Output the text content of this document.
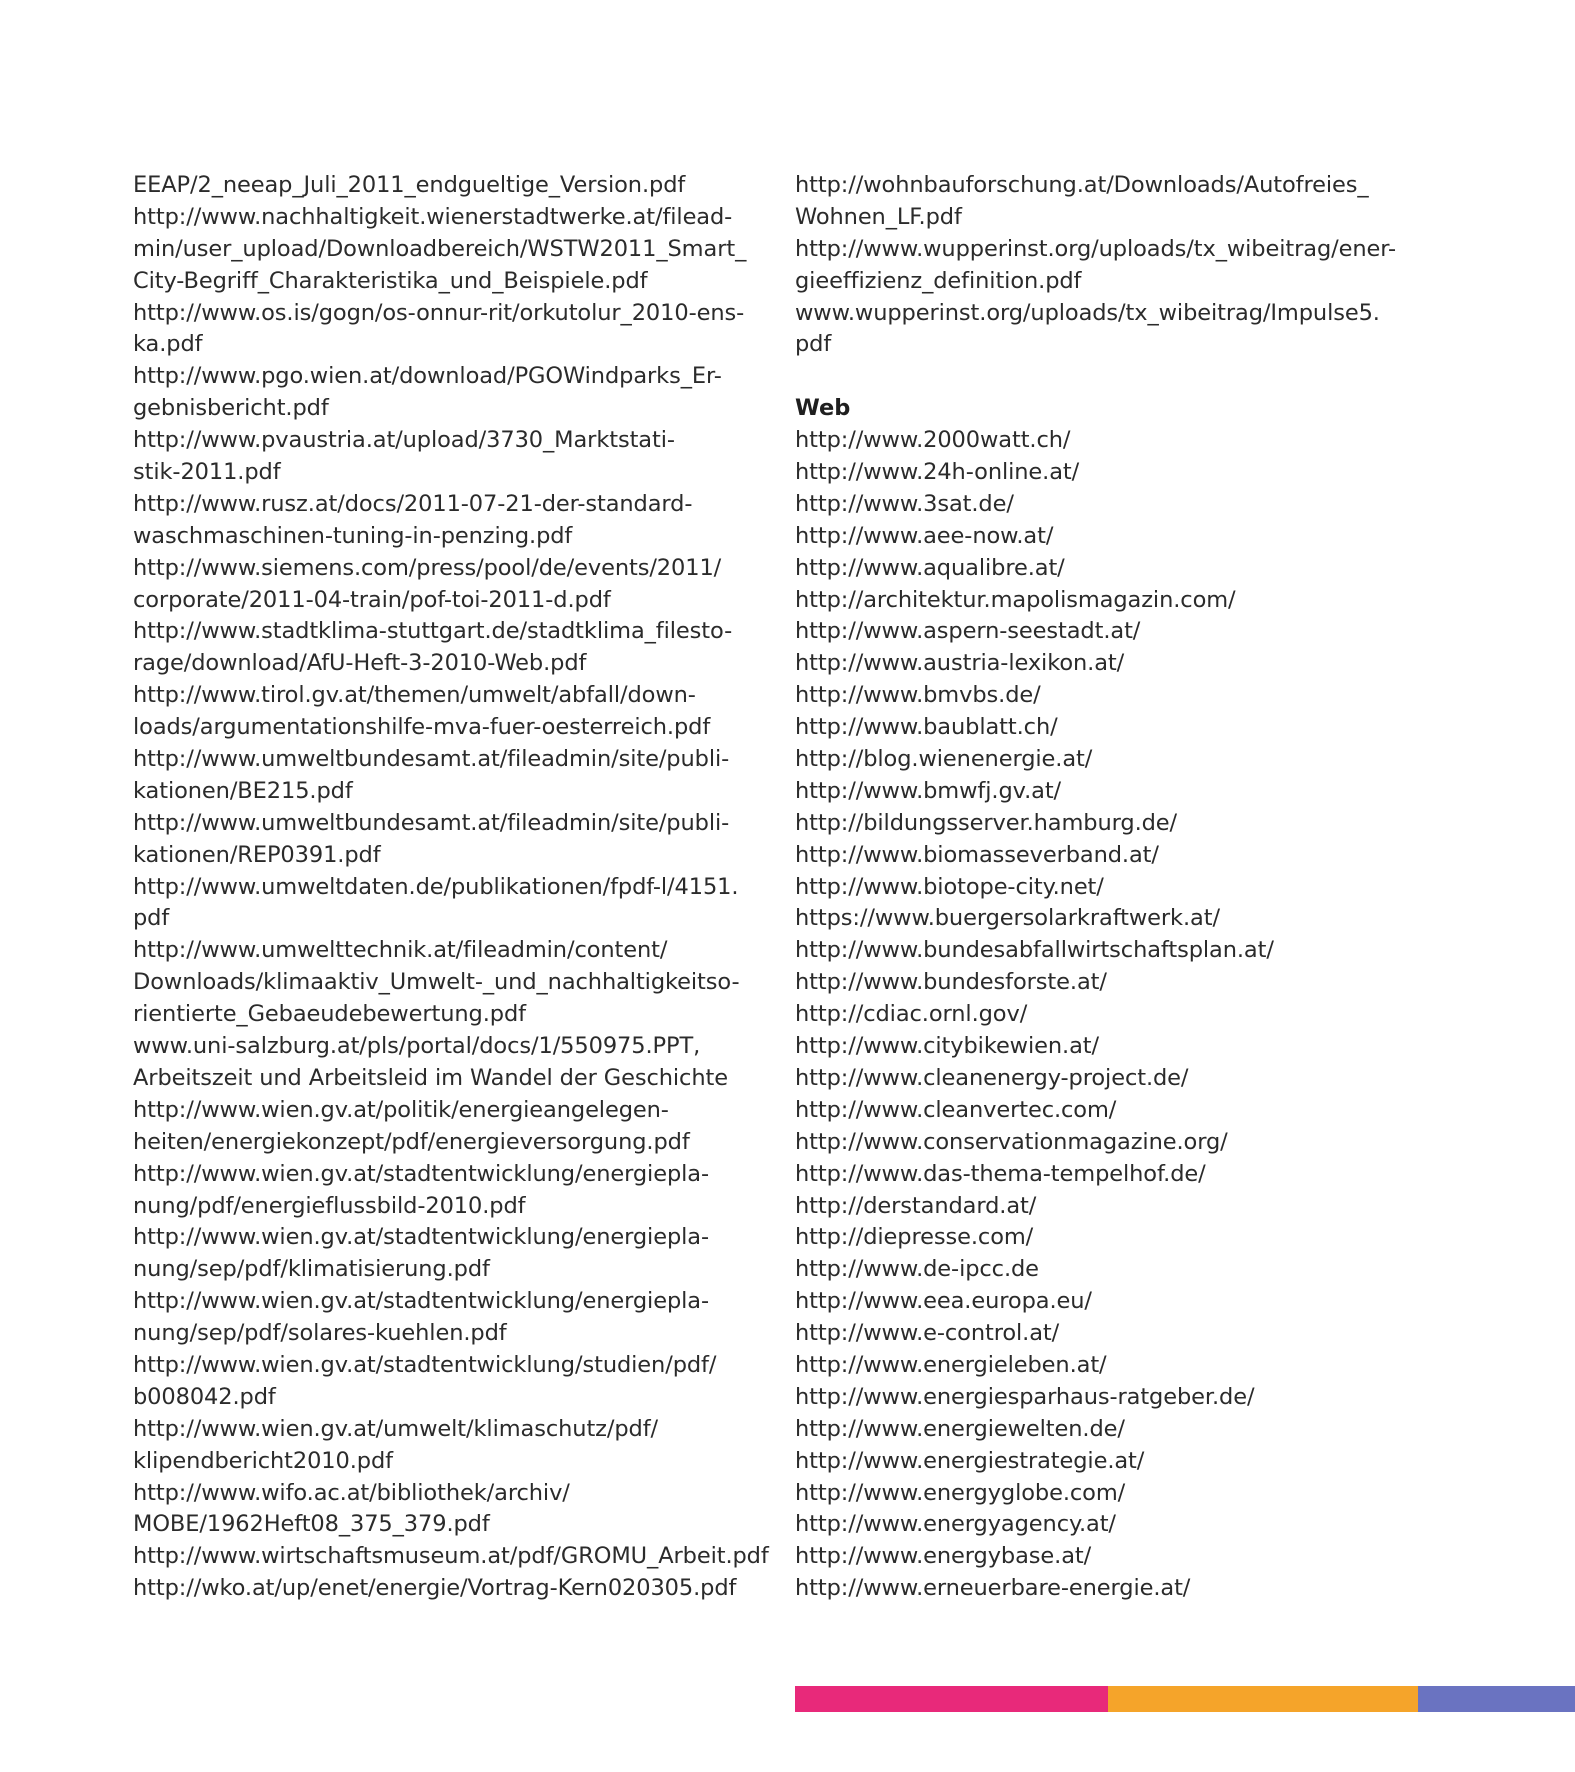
EEAP/2_neeap_Juli_2011_endgueltige_Version.pdf
http://www.nachhaltigkeit.wienerstadtwerke.at/filead-
min/user_upload/Downloadbereich/WSTW2011_Smart_
City-Begriff_Charakteristika_und_Beispiele.pdf
http://www.os.is/gogn/os-onnur-rit/orkutolur_2010-ens-
ka.pdf
http://www.pgo.wien.at/download/PGOWindparks_Er-
gebnisbericht.pdf
http://www.pvaustria.at/upload/3730_Marktstati-
stik-2011.pdf
http://www.rusz.at/docs/2011-07-21-der-standard-
waschmaschinen-tuning-in-penzing.pdf
http://www.siemens.com/press/pool/de/events/2011/
corporate/2011-04-train/pof-toi-2011-d.pdf
http://www.stadtklima-stuttgart.de/stadtklima_filesto-
rage/download/AfU-Heft-3-2010-Web.pdf
http://www.tirol.gv.at/themen/umwelt/abfall/down-
loads/argumentationshilfe-mva-fuer-oesterreich.pdf
http://www.umweltbundesamt.at/fileadmin/site/publi-
kationen/BE215.pdf
http://www.umweltbundesamt.at/fileadmin/site/publi-
kationen/REP0391.pdf
http://www.umweltdaten.de/publikationen/fpdf-l/4151.
pdf
http://www.umwelttechnik.at/fileadmin/content/
Downloads/klimaaktiv_Umwelt-_und_nachhaltigkeitso-
rientierte_Gebaeudebewertung.pdf
www.uni-salzburg.at/pls/portal/docs/1/550975.PPT,
Arbeitszeit und Arbeitsleid im Wandel der Geschichte
http://www.wien.gv.at/politik/energieangelegen-
heiten/energiekonzept/pdf/energieversorgung.pdf
http://www.wien.gv.at/stadtentwicklung/energiepla-
nung/pdf/energieflussbild-2010.pdf
http://www.wien.gv.at/stadtentwicklung/energiepla-
nung/sep/pdf/klimatisierung.pdf
http://www.wien.gv.at/stadtentwicklung/energiepla-
nung/sep/pdf/solares-kuehlen.pdf
http://www.wien.gv.at/stadtentwicklung/studien/pdf/
b008042.pdf
http://www.wien.gv.at/umwelt/klimaschutz/pdf/
klipendbericht2010.pdf
http://www.wifo.ac.at/bibliothek/archiv/
MOBE/1962Heft08_375_379.pdf
http://www.wirtschaftsmuseum.at/pdf/GROMU_Arbeit.pdf
http://wko.at/up/enet/energie/Vortrag-Kern020305.pdf
http://wohnbauforschung.at/Downloads/Autofreies_
Wohnen_LF.pdf
http://www.wupperinst.org/uploads/tx_wibeitrag/ener-
gieeffizienz_definition.pdf
www.wupperinst.org/uploads/tx_wibeitrag/Impulse5.
pdf
Web
http://www.2000watt.ch/
http://www.24h-online.at/
http://www.3sat.de/
http://www.aee-now.at/
http://www.aqualibre.at/
http://architektur.mapolismagazin.com/
http://www.aspern-seestadt.at/
http://www.austria-lexikon.at/
http://www.bmvbs.de/
http://www.baublatt.ch/
http://blog.wienenergie.at/
http://www.bmwfj.gv.at/
http://bildungsserver.hamburg.de/
http://www.biomasseverband.at/
http://www.biotope-city.net/
https://www.buergersolarkraftwerk.at/
http://www.bundesabfallwirtschaftsplan.at/
http://www.bundesforste.at/
http://cdiac.ornl.gov/
http://www.citybikewien.at/
http://www.cleanenergy-project.de/
http://www.cleanvertec.com/
http://www.conservationmagazine.org/
http://www.das-thema-tempelhof.de/
http://derstandard.at/
http://diepresse.com/
http://www.de-ipcc.de
http://www.eea.europa.eu/
http://www.e-control.at/
http://www.energieleben.at/
http://www.energiesparhaus-ratgeber.de/
http://www.energiewelten.de/
http://www.energiestrategie.at/
http://www.energyglobe.com/
http://www.energyagency.at/
http://www.energybase.at/
http://www.erneuerbare-energie.at/
